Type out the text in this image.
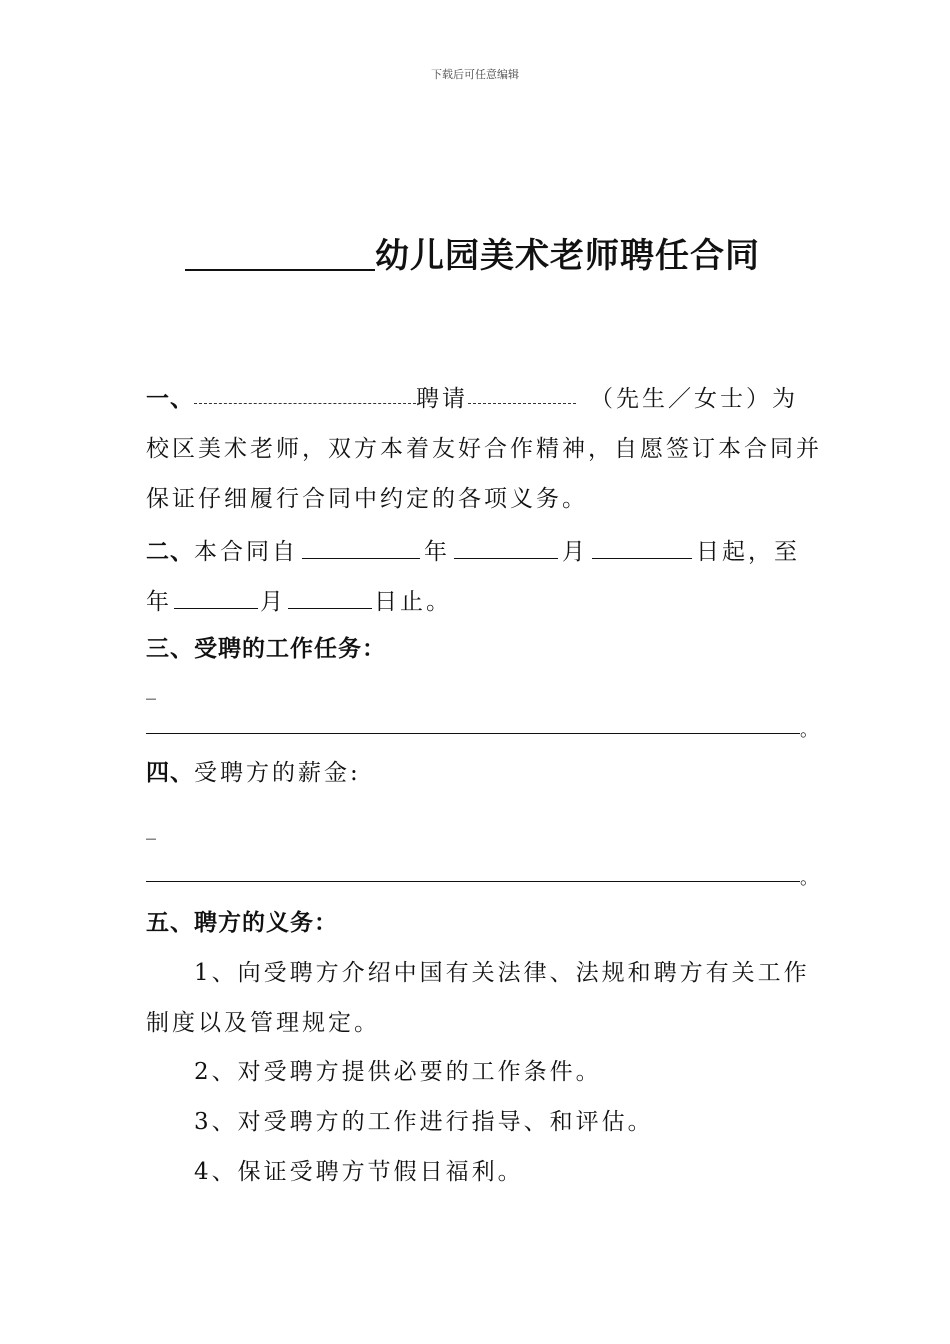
下载后可任意编辑
幼儿园美术老师聘任合同
一、	聘请	（先生／女士）为
校区美术老师，双方本着友好合作精神，自愿签订本合同并
保证仔细履行合同中约定的各项义务。
二、本合同自	年	月	日起，至
年	月	日止。
三、受聘的工作任务：
_
。
四、受聘方的薪金:
_
。
五、聘方的义务：
1、向受聘方介绍中国有关法律、法规和聘方有关工作
制度以及管理规定。
2、对受聘方提供必要的工作条件。
3、对受聘方的工作进行指导、和评估。
4、保证受聘方节假日福利。
